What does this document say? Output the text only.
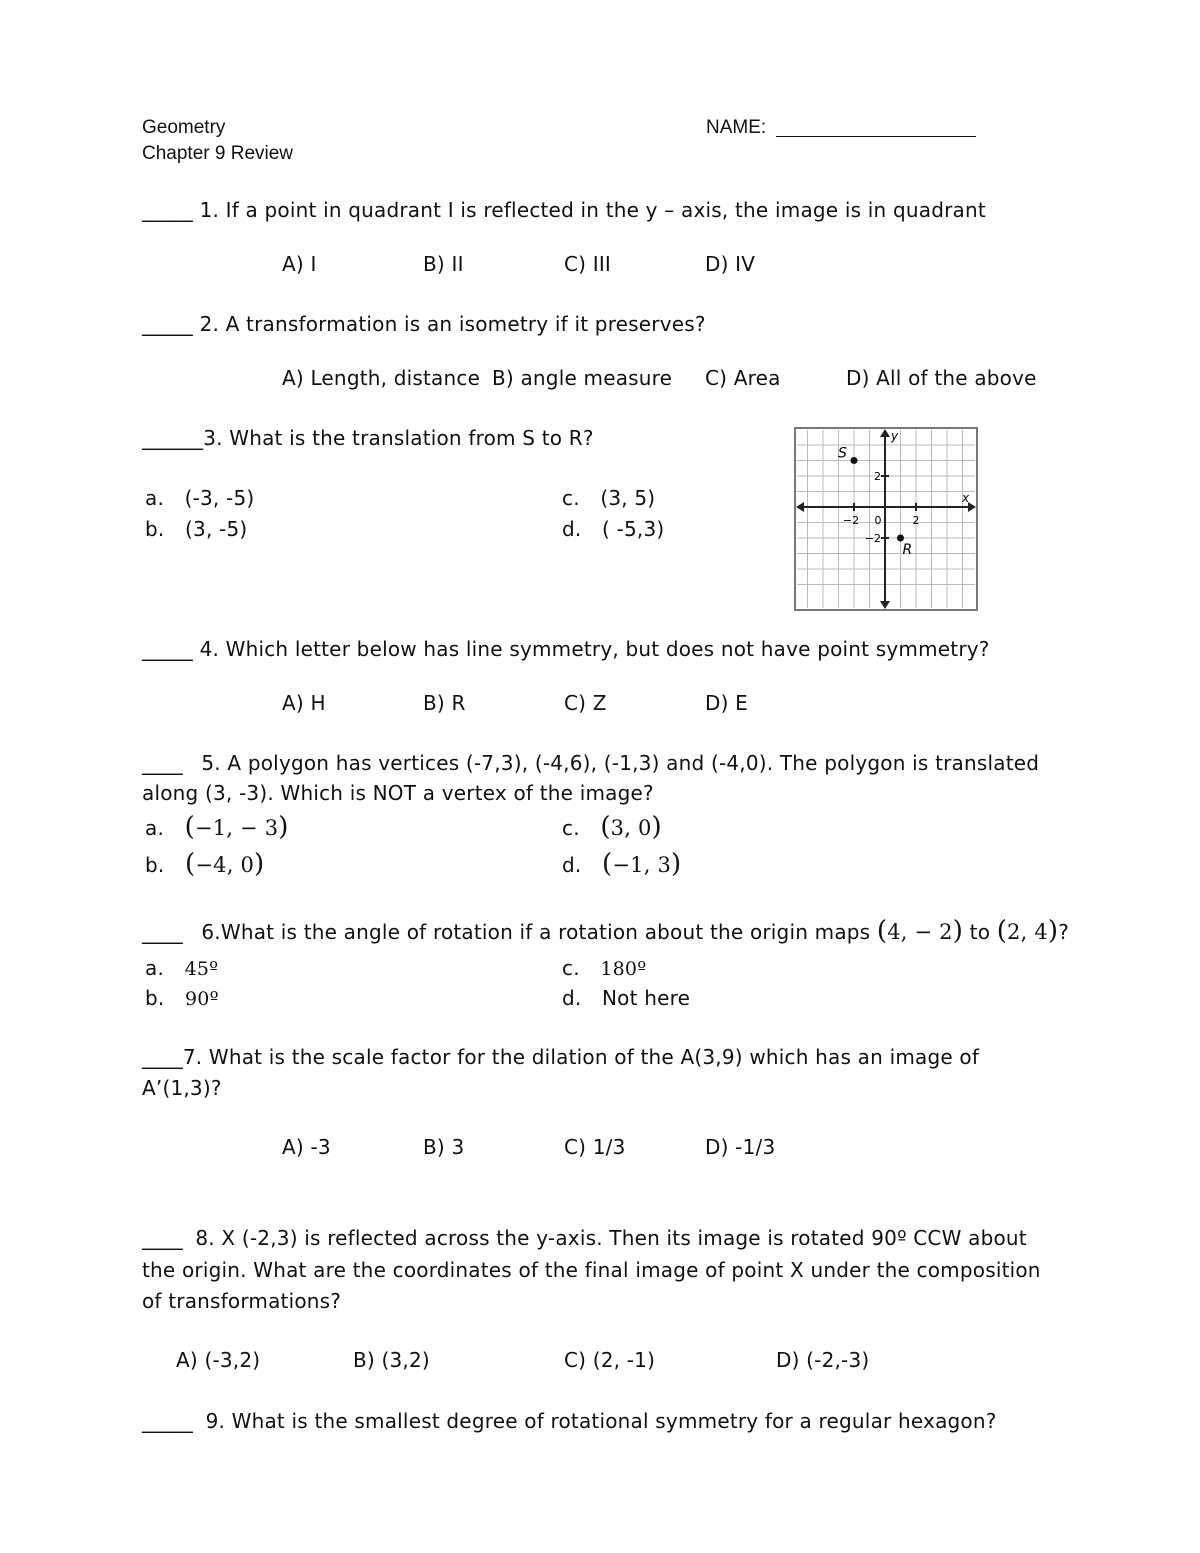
Geometry
Chapter 9 Review
NAME:
_____ 1. If a point in quadrant I is reflected in the y – axis, the image is in quadrant
A) I	B) II	C) III	D) IV
_____ 2. A transformation is an isometry if it preserves?
A) Length, distance B) angle measure C) Area	D) All of the above
______3. What is the translation from S to R?
a. (-3, -5)
b. (3, -5)
c. (3, 5)
d. ( -5,3)
x
y
−2	2
0
2
−2
S
R
_____ 4. Which letter below has line symmetry, but does not have point symmetry?
A) H	B) R	C) Z	D) E
____ 5. A polygon has vertices (-7,3), (-4,6), (-1,3) and (-4,0). The polygon is translated
along (3, -3). Which is NOT a vertex of the image?
a. (−1, − 3)
b. (−4, 0)
c. (3, 0)
d. (−1, 3)
____ 6.What is the angle of rotation if a rotation about the origin maps (4, − 2) to (2, 4)?
a. 45º
b. 90º
c. 180º
d. Not here
____7. What is the scale factor for the dilation of the A(3,9) which has an image of
A’(1,3)?
A) -3	B) 3	C) 1/3	D) -1/3
____ 8. X (-2,3) is reflected across the y-axis. Then its image is rotated 90º CCW about
the origin. What are the coordinates of the final image of point X under the composition
of transformations?
A) (-3,2)	B) (3,2)	C) (2, -1)	D) (-2,-3)
_____ 9. What is the smallest degree of rotational symmetry for a regular hexagon?
